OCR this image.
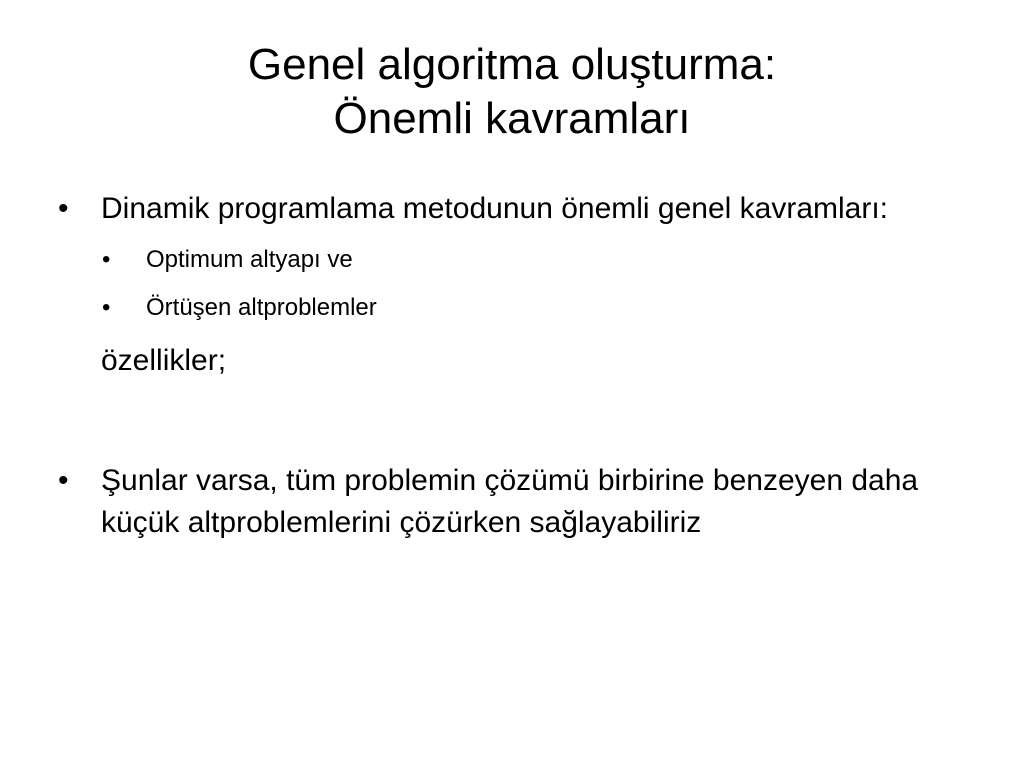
Genel algoritma oluşturma:
Önemli kavramları
•	Dinamik programlama metodunun önemli genel kavramları:
• Optimum altyapı ve
• Örtüşen altproblemler
özellikler;
•	Şunlar varsa, tüm problemin çözümü birbirine benzeyen daha küçük altproblemlerini çözürken sağlayabiliriz
